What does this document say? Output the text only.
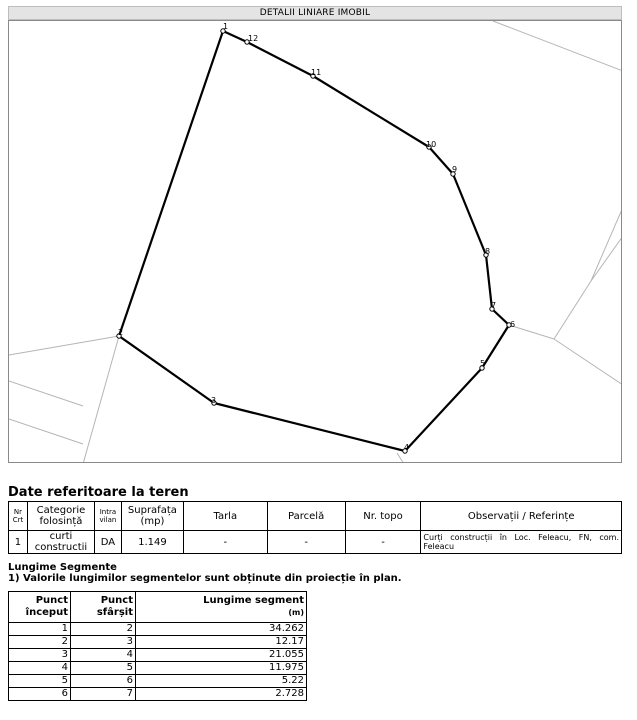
DETALII LINIARE IMOBIL
1
12
11
10
9
8
7
6
5
4
3
2
Date referitoare la teren
Nr Crt	Categorie folosință	Intra vilan	Suprafața (mp)	Tarla	Parcelă	Nr. topo	Observații / Referințe
1	curti constructii	DA	1.149	-	-	-	Curți construcții în Loc. Feleacu, FN, com. Feleacu
Lungime Segmente
1) Valorile lungimilor segmentelor sunt obținute din proiecție în plan.
Punct început	Punct sfârșit	Lungime segment
(m)
1	2	34.262
2	3	12.17
3	4	21.055
4	5	11.975
5	6	5.22
6	7	2.728
